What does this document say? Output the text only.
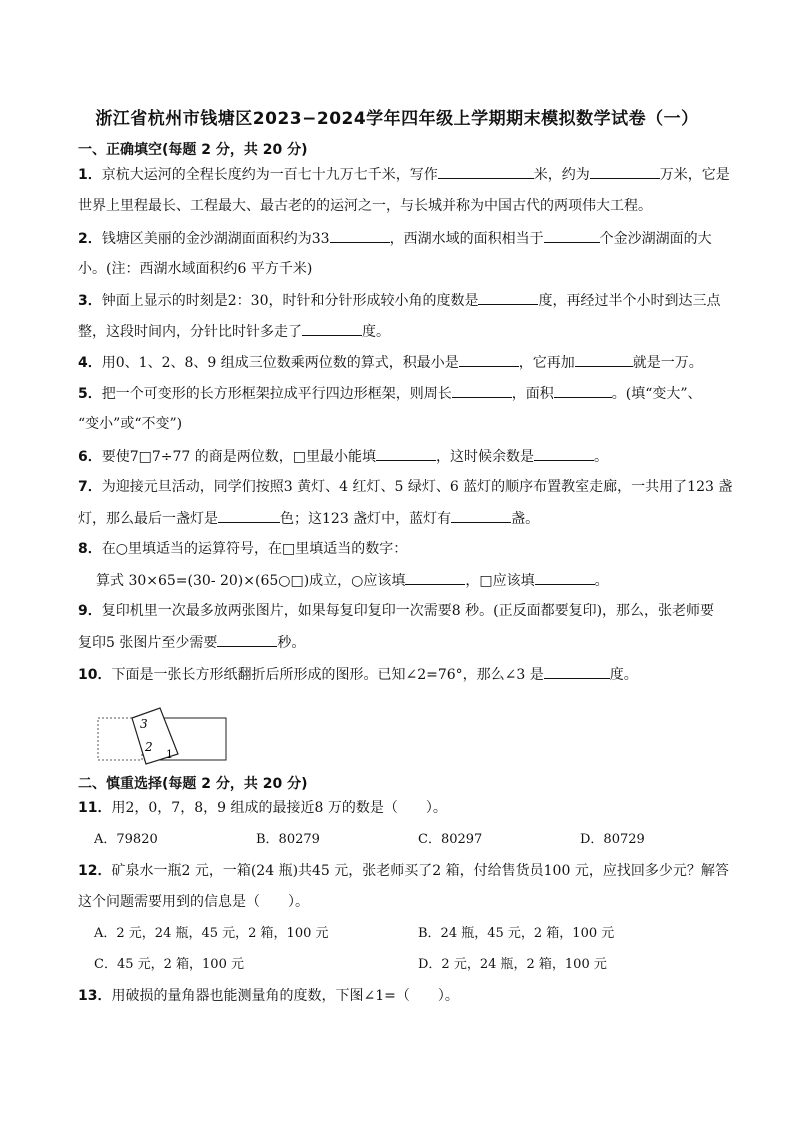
浙江省杭州市钱塘区2023−2024学年四年级上学期期末模拟数学试卷（一）
一、正确填空(每题 2 分，共 20 分)
1．京杭大运河的全程长度约为一百七十九万七千米，写作	米，约为	万米，它是
世界上里程最长、工程最大、最古老的的运河之一，与长城并称为中国古代的两项伟大工程。
2．钱塘区美丽的金沙湖湖面面积约为33	，西湖水域的面积相当于	个金沙湖湖面的大
小。(注：西湖水域面积约6 平方千米)
3．钟面上显示的时刻是2：30，时针和分针形成较小角的度数是	度，再经过半个小时到达三点
整，这段时间内，分针比时针多走了	度。
4．用0、1、2、8、9 组成三位数乘两位数的算式，积最小是	，它再加	就是一万。
5．把一个可变形的长方形框架拉成平行四边形框架，则周长	，面积	。(填“变大”、
“变小”或“不变”)
6．要使7□7÷77 的商是两位数，□里最小能填	，这时候余数是	。
7．为迎接元旦活动，同学们按照3 黄灯、4 红灯、5 绿灯、6 蓝灯的顺序布置教室走廊，一共用了123 盏
灯，那么最后一盏灯是	色；这123 盏灯中，蓝灯有	盏。
8．在○里填适当的运算符号，在□里填适当的数字：
算式 30×65=(30- 20)×(65○□)成立，○应该填	，□应该填	。
9．复印机里一次最多放两张图片，如果每复印复印一次需要8 秒。(正反面都要复印)，那么，张老师要
复印5 张图片至少需要	秒。
10．下面是一张长方形纸翻折后所形成的图形。已知∠2=76°，那么∠3 是	度。
3
2
1
二、慎重选择(每题 2 分，共 20 分)
11．用2，0，7，8，9 组成的最接近8 万的数是（　　）。
A．79820	B．80279	C．80297	D．80729
12．矿泉水一瓶2 元，一箱(24 瓶)共45 元，张老师买了2 箱，付给售货员100 元，应找回多少元？解答
这个问题需要用到的信息是（　　）。
A．2 元，24 瓶，45 元，2 箱，100 元	B．24 瓶，45 元，2 箱，100 元
C．45 元，2 箱，100 元	D．2 元，24 瓶，2 箱，100 元
13．用破损的量角器也能测量角的度数，下图∠1=（　　）。
